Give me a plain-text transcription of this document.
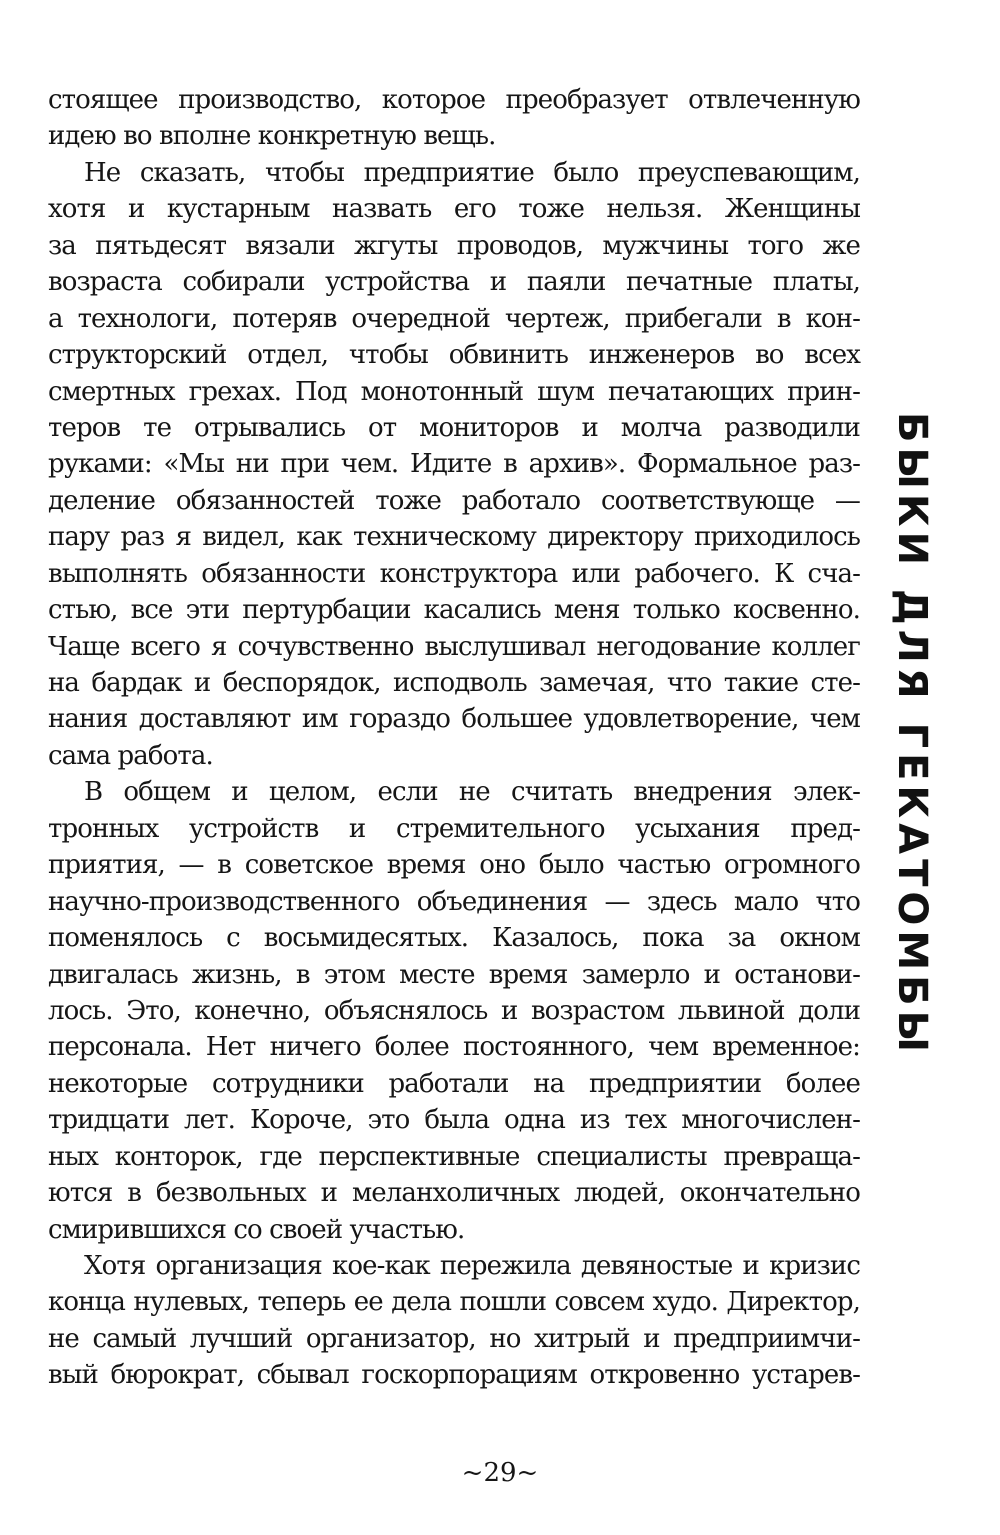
стоящее производство, которое преобразует отвлеченную
идею во вполне конкретную вещь.
Не сказать, чтобы предприятие было преуспевающим,
хотя и кустарным назвать его тоже нельзя. Женщины
за пятьдесят вязали жгуты проводов, мужчины того же
возраста собирали устройства и паяли печатные платы,
а технологи, потеряв очередной чертеж, прибегали в кон-
структорский отдел, чтобы обвинить инженеров во всех
смертных грехах. Под монотонный шум печатающих прин-
теров те отрывались от мониторов и молча разводили
руками: «Мы ни при чем. Идите в архив». Формальное раз-
деление обязанностей тоже работало соответствующе —
пару раз я видел, как техническому директору приходилось
выполнять обязанности конструктора или рабочего. К сча-
стью, все эти пертурбации касались меня только косвенно.
Чаще всего я сочувственно выслушивал негодование коллег
на бардак и беспорядок, исподволь замечая, что такие сте-
нания доставляют им гораздо большее удовлетворение, чем
сама работа.
В общем и целом, если не считать внедрения элек-
тронных устройств и стремительного усыхания пред-
приятия, — в советское время оно было частью огромного
научно-производственного объединения — здесь мало что
поменялось с восьмидесятых. Казалось, пока за окном
двигалась жизнь, в этом месте время замерло и останови-
лось. Это, конечно, объяснялось и возрастом львиной доли
персонала. Нет ничего более постоянного, чем временное:
некоторые сотрудники работали на предприятии более
тридцати лет. Короче, это была одна из тех многочислен-
ных конторок, где перспективные специалисты превраща-
ются в безвольных и меланхоличных людей, окончательно
смирившихся со своей участью.
Хотя организация кое-как пережила девяностые и кризис
конца нулевых, теперь ее дела пошли совсем худо. Директор,
не самый лучший организатор, но хитрый и предприимчи-
вый бюрократ, сбывал госкорпорациям откровенно устарев-
БЫКИ ДЛЯ ГЕКАТОМБЫ
~29~
